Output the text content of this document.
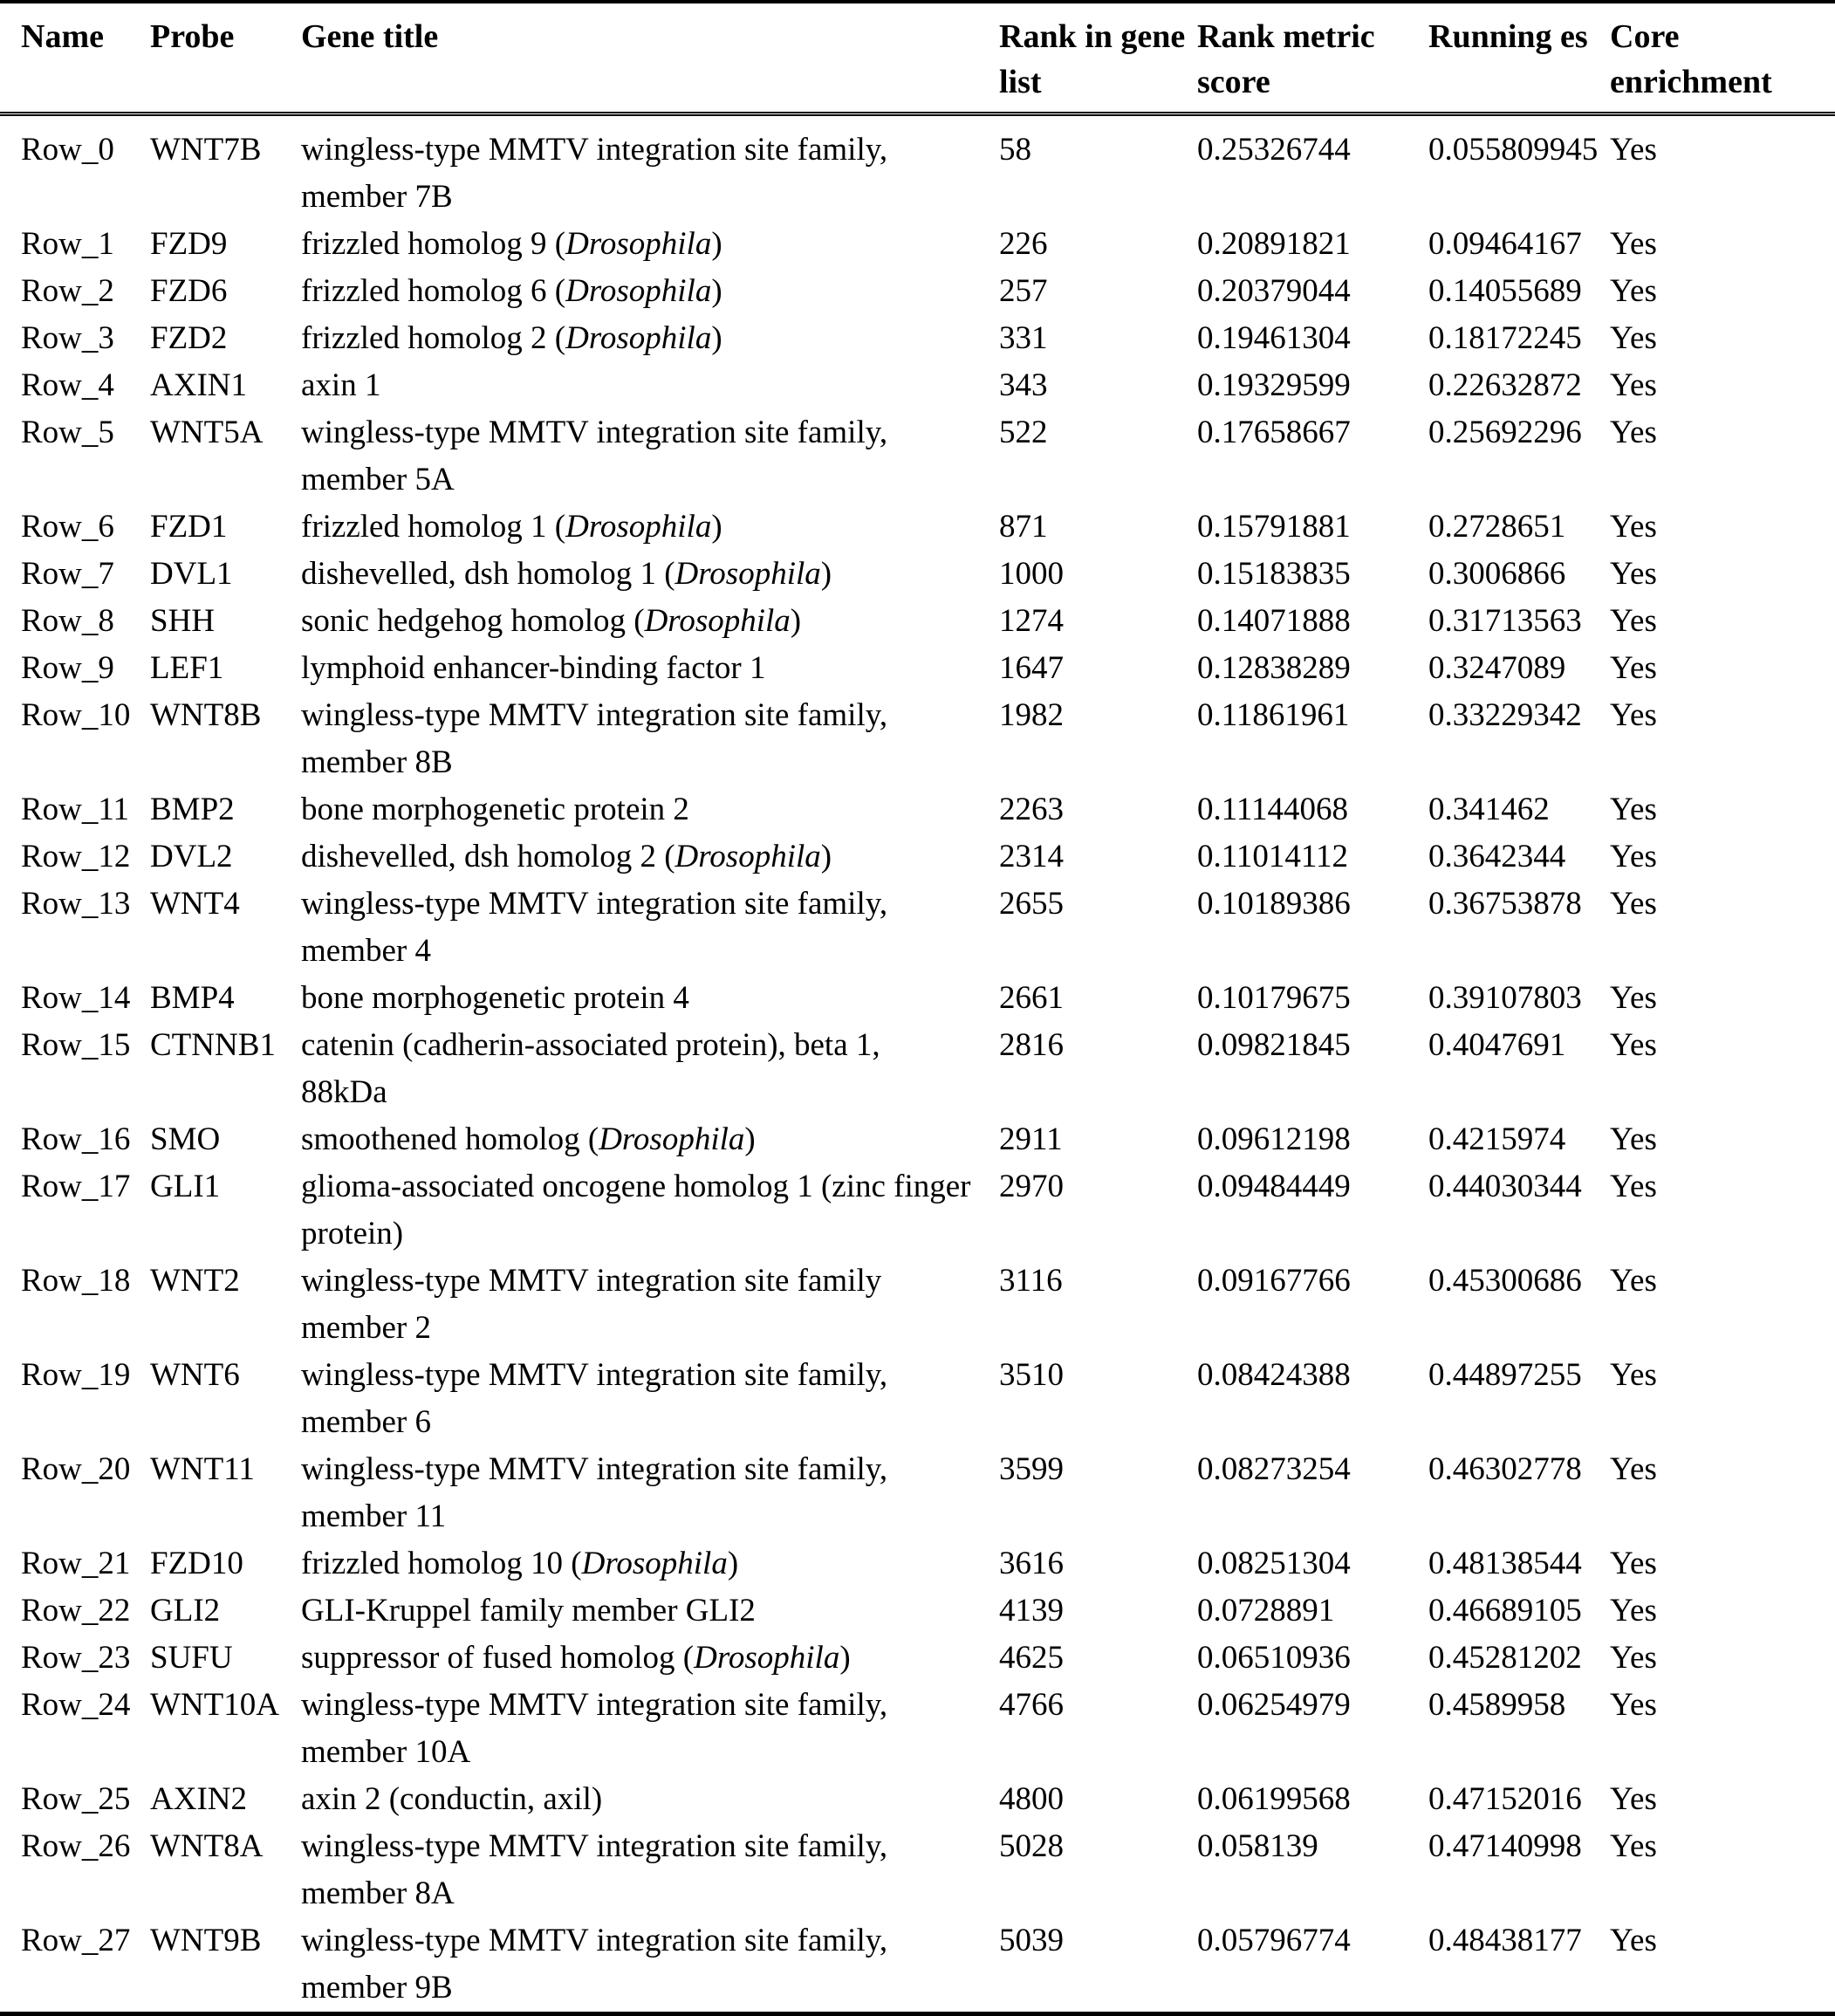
Name	Probe	Gene title	Rank in gene
list	Rank metric
score	Running es	Core
enrichment
Row_0	WNT7B	wingless-type MMTV integration site family,
member 7B	58	0.25326744	0.055809945	Yes
Row_1	FZD9	frizzled homolog 9 (Drosophila)	226	0.20891821	0.09464167	Yes
Row_2	FZD6	frizzled homolog 6 (Drosophila)	257	0.20379044	0.14055689	Yes
Row_3	FZD2	frizzled homolog 2 (Drosophila)	331	0.19461304	0.18172245	Yes
Row_4	AXIN1	axin 1	343	0.19329599	0.22632872	Yes
Row_5	WNT5A	wingless-type MMTV integration site family,
member 5A	522	0.17658667	0.25692296	Yes
Row_6	FZD1	frizzled homolog 1 (Drosophila)	871	0.15791881	0.2728651	Yes
Row_7	DVL1	dishevelled, dsh homolog 1 (Drosophila)	1000	0.15183835	0.3006866	Yes
Row_8	SHH	sonic hedgehog homolog (Drosophila)	1274	0.14071888	0.31713563	Yes
Row_9	LEF1	lymphoid enhancer-binding factor 1	1647	0.12838289	0.3247089	Yes
Row_10	WNT8B	wingless-type MMTV integration site family,
member 8B	1982	0.11861961	0.33229342	Yes
Row_11	BMP2	bone morphogenetic protein 2	2263	0.11144068	0.341462	Yes
Row_12	DVL2	dishevelled, dsh homolog 2 (Drosophila)	2314	0.11014112	0.3642344	Yes
Row_13	WNT4	wingless-type MMTV integration site family,
member 4	2655	0.10189386	0.36753878	Yes
Row_14	BMP4	bone morphogenetic protein 4	2661	0.10179675	0.39107803	Yes
Row_15	CTNNB1	catenin (cadherin-associated protein), beta 1,
88kDa	2816	0.09821845	0.4047691	Yes
Row_16	SMO	smoothened homolog (Drosophila)	2911	0.09612198	0.4215974	Yes
Row_17	GLI1	glioma-associated oncogene homolog 1 (zinc finger
protein)	2970	0.09484449	0.44030344	Yes
Row_18	WNT2	wingless-type MMTV integration site family
member 2	3116	0.09167766	0.45300686	Yes
Row_19	WNT6	wingless-type MMTV integration site family,
member 6	3510	0.08424388	0.44897255	Yes
Row_20	WNT11	wingless-type MMTV integration site family,
member 11	3599	0.08273254	0.46302778	Yes
Row_21	FZD10	frizzled homolog 10 (Drosophila)	3616	0.08251304	0.48138544	Yes
Row_22	GLI2	GLI-Kruppel family member GLI2	4139	0.0728891	0.46689105	Yes
Row_23	SUFU	suppressor of fused homolog (Drosophila)	4625	0.06510936	0.45281202	Yes
Row_24	WNT10A	wingless-type MMTV integration site family,
member 10A	4766	0.06254979	0.4589958	Yes
Row_25	AXIN2	axin 2 (conductin, axil)	4800	0.06199568	0.47152016	Yes
Row_26	WNT8A	wingless-type MMTV integration site family,
member 8A	5028	0.058139	0.47140998	Yes
Row_27	WNT9B	wingless-type MMTV integration site family,
member 9B	5039	0.05796774	0.48438177	Yes
